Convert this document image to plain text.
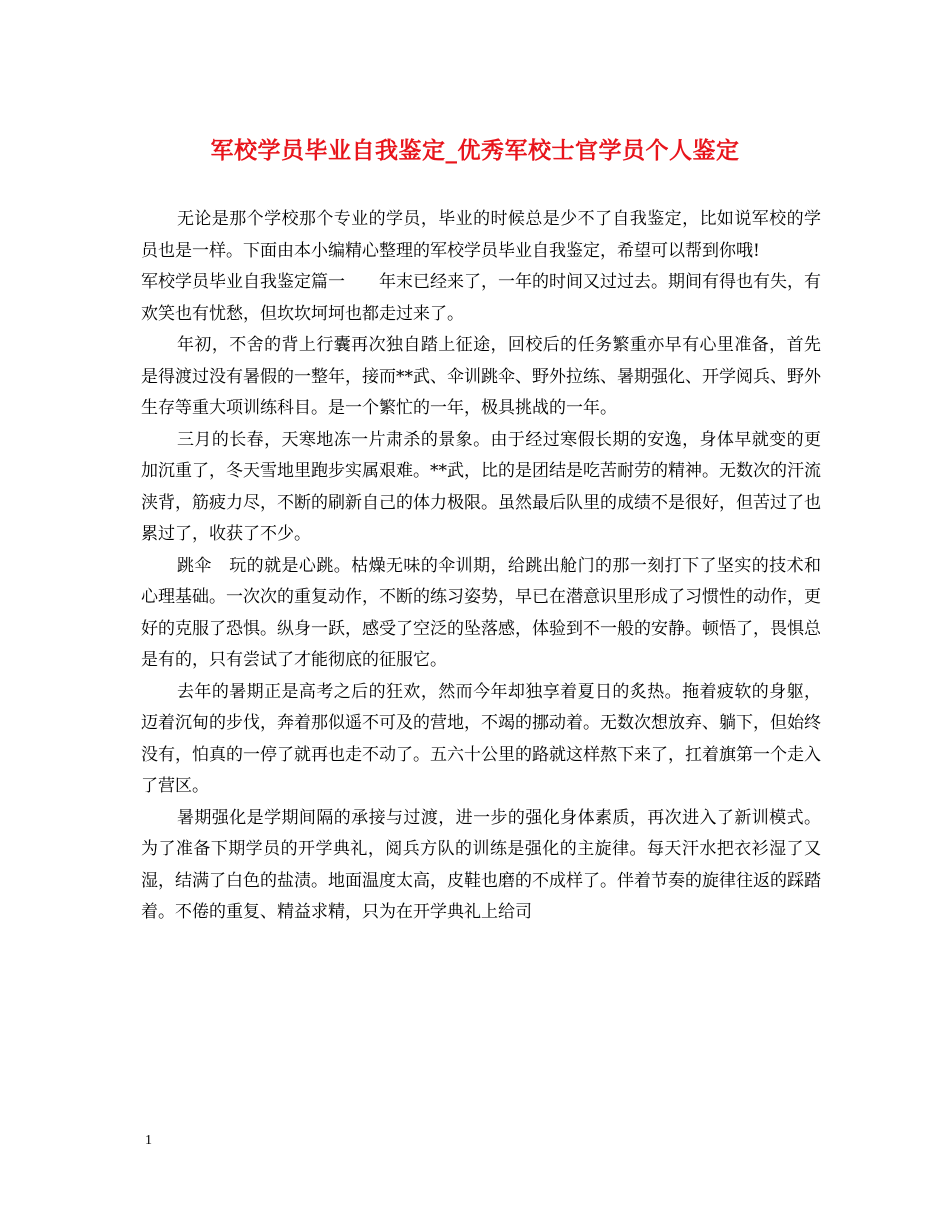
军校学员毕业自我鉴定_优秀军校士官学员个人鉴定

无论是那个学校那个专业的学员，毕业的时候总是少不了自我鉴定，比如说军校的学员也是一样。下面由本小编精心整理的军校学员毕业自我鉴定，希望可以帮到你哦!

军校学员毕业自我鉴定篇一　　年末已经来了，一年的时间又过过去。期间有得也有失，有欢笑也有忧愁，但坎坎坷坷也都走过来了。

年初，不舍的背上行囊再次独自踏上征途，回校后的任务繁重亦早有心里准备，首先是得渡过没有暑假的一整年，接而**武、伞训跳伞、野外拉练、暑期强化、开学阅兵、野外生存等重大项训练科目。是一个繁忙的一年，极具挑战的一年。

三月的长春，天寒地冻一片肃杀的景象。由于经过寒假长期的安逸，身体早就变的更加沉重了，冬天雪地里跑步实属艰难。**武，比的是团结是吃苦耐劳的精神。无数次的汗流浃背，筋疲力尽，不断的刷新自己的体力极限。虽然最后队里的成绩不是很好，但苦过了也累过了，收获了不少。

跳伞　玩的就是心跳。枯燥无味的伞训期，给跳出舱门的那一刻打下了坚实的技术和心理基础。一次次的重复动作，不断的练习姿势，早已在潜意识里形成了习惯性的动作，更好的克服了恐惧。纵身一跃，感受了空泛的坠落感，体验到不一般的安静。顿悟了，畏惧总是有的，只有尝试了才能彻底的征服它。

去年的暑期正是高考之后的狂欢，然而今年却独享着夏日的炙热。拖着疲软的身躯，迈着沉甸的步伐，奔着那似遥不可及的营地，不竭的挪动着。无数次想放弃、躺下，但始终没有，怕真的一停了就再也走不动了。五六十公里的路就这样熬下来了，扛着旗第一个走入了营区。

暑期强化是学期间隔的承接与过渡，进一步的强化身体素质，再次进入了新训模式。为了准备下期学员的开学典礼，阅兵方队的训练是强化的主旋律。每天汗水把衣衫湿了又湿，结满了白色的盐渍。地面温度太高，皮鞋也磨的不成样了。伴着节奏的旋律往返的踩踏着。不倦的重复、精益求精，只为在开学典礼上给司

1
